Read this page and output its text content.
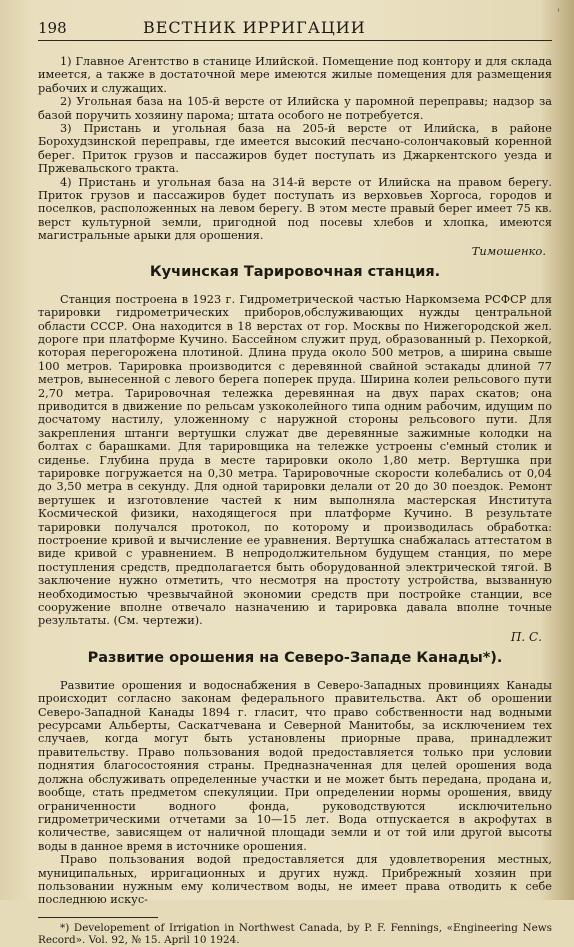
'
198	ВЕСТНИК ИРРИГАЦИИ

1) Главное Агентство в станице Илийской. Помещение под контору и для склада имеется, а также в достаточной мере имеются жилые помещения для размещения рабочих и служащих.

2) Угольная база на 105-й версте от Илийска у паромной переправы; надзор за базой поручить хозяину парома; штата особого не потребуется.

3) Пристань и угольная база на 205-й версте от Илийска, в районе Борохудзинской переправы, где имеется высокий песчано-солончаковый коренной берег. Приток грузов и пассажиров будет поступать из Джаркентского уезда и Пржевальского тракта.

4) Пристань и угольная база на 314-й версте от Илийска на правом берегу. Приток грузов и пассажиров будет поступать из верховьев Хоргоса, городов и поселков, расположенных на левом берегу. В этом месте правый берег имеет 75 кв. верст культурной земли, пригодной под посевы хлебов и хлопка, имеются магистральные арыки для орошения.

Тимошенко.
Кучинская Тарировочная станция.

Станция построена в 1923 г. Гидрометрической частью Наркомзема РСФСР для тарировки гидрометрических приборов,обслуживающих нужды центральной области СССР. Она находится в 18 верстах от гор. Москвы по Нижегородской жел. дороге при платформе Кучино. Бассейном служит пруд, образованный р. Пехоркой, которая перегорожена плотиной. Длина пруда около 500 метров, а ширина свыше 100 метров. Тарировка производится с деревянной свайной эстакады длиной 77 метров, вынесенной с левого берега поперек пруда. Ширина колеи рельсового пути 2,70 метра. Тарировочная тележка деревянная на двух парах скатов; она приводится в движение по рельсам узкоколейного типа одним рабочим, идущим по досчатому настилу, уложенному с наружной стороны рельсового пути. Для закрепления штанги вертушки служат две деревянные зажимные колодки на болтах с барашками. Для тарировщика на тележке устроены с'емный столик и сиденье. Глубина пруда в месте тарировки около 1,80 метр. Вертушка при тарировке погружается на 0,30 метра. Тарировочные скорости колебались от 0,04 до 3,50 метра в секунду. Для одной тарировки делали от 20 до 30 поездок. Ремонт вертушек и изготовление частей к ним выполняла мастерская Института Космической физики, находящегося при платформе Кучино. В результате тарировки получался протокол, по которому и производилась обработка: построение кривой и вычисление ее уравнения. Вертушка снабжалась аттестатом в виде кривой с уравнением. В непродолжительном будущем станция, по мере поступления средств, предполагается быть оборудованной электрической тягой. В заключение нужно отметить, что несмотря на простоту устройства, вызванную необходимостью чрезвычайной экономии средств при постройке станции, все сооружение вполне отвечало назначению и тарировка давала вполне точные результаты. (См. чертежи).

П. С.
Развитие орошения на Северо-Западе Канады*).

Развитие орошения и водоснабжения в Северо-Западных провинциях Канады происходит согласно законам федерального правительства. Акт об орошении Северо-Западной Канады 1894 г. гласит, что право собственности над водными ресурсами Альберты, Саскатчевана и Северной Манитобы, за исключением тех случаев, когда могут быть установлены приорные права, принадлежит правительству. Право пользования водой предоставляется только при условии поднятия благосостояния страны. Предназначенная для целей орошения вода должна обслуживать определенные участки и не может быть передана, продана и, вообще, стать предметом спекуляции. При определении нормы орошения, ввиду ограниченности водного фонда, руководствуются исключительно гидрометрическими отчетами за 10—15 лет. Вода отпускается в акрофутах в количестве, зависящем от наличной площади земли и от той или другой высоты воды в данное время в источнике орошения.

Право пользования водой предоставляется для удовлетворения местных, муниципальных, ирригационных и других нужд. Прибрежный хозяин при пользовании нужным ему количеством воды, не имеет права отводить к себе последнюю искус-

*) Developement of Irrigation in Northwest Canada, by P. F. Fennings, «Engineering News Record». Vol. 92, № 15. April 10 1924.
